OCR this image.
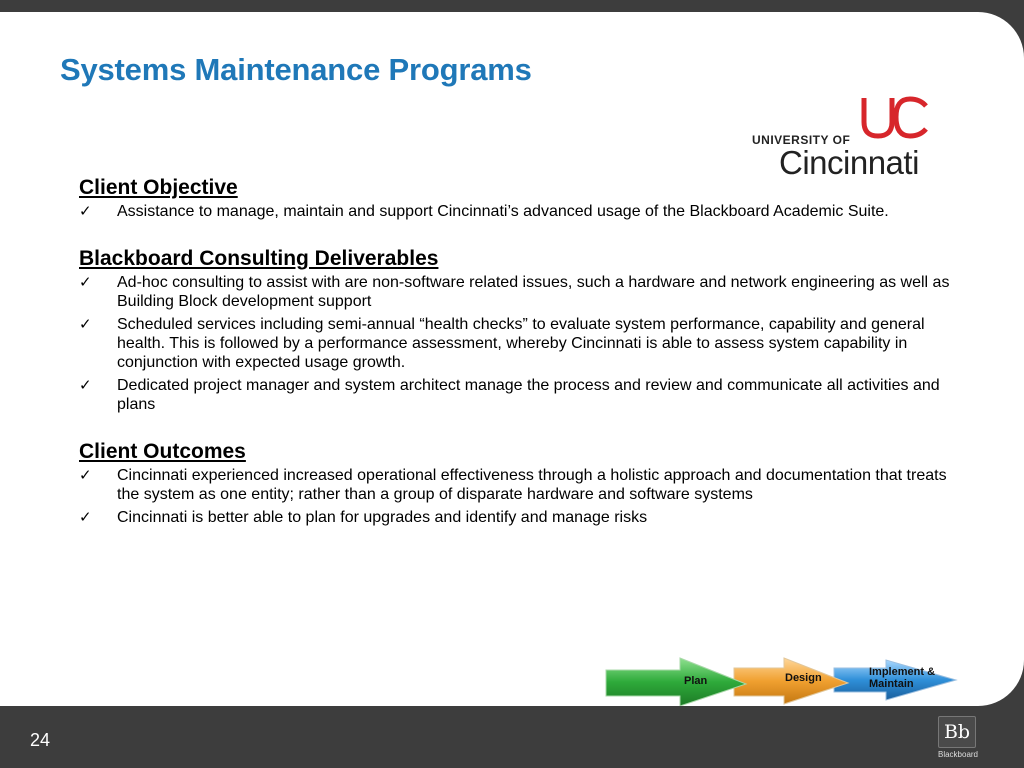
Systems Maintenance Programs
UNIVERSITY OF
Cincinnati
Client Objective
✓ Assistance to manage, maintain and support Cincinnati’s advanced usage of the Blackboard Academic Suite.
Blackboard Consulting Deliverables
✓ Ad-hoc consulting to assist with are non-software related issues, such a hardware and network engineering as well as Building Block development support
✓ Scheduled services including semi-annual “health checks” to evaluate system performance, capability and general health. This is followed by a performance assessment, whereby Cincinnati is able to assess system capability in conjunction with expected usage growth.
✓ Dedicated project manager and system architect manage the process and review and communicate all activities and plans
Client Outcomes
✓ Cincinnati experienced increased operational effectiveness through a holistic approach and documentation that treats the system as one entity; rather than a group of disparate hardware and software systems
✓ Cincinnati is better able to plan for upgrades and identify and manage risks
Plan	Design	Implement &
Maintain
24	Bb
Blackboard
